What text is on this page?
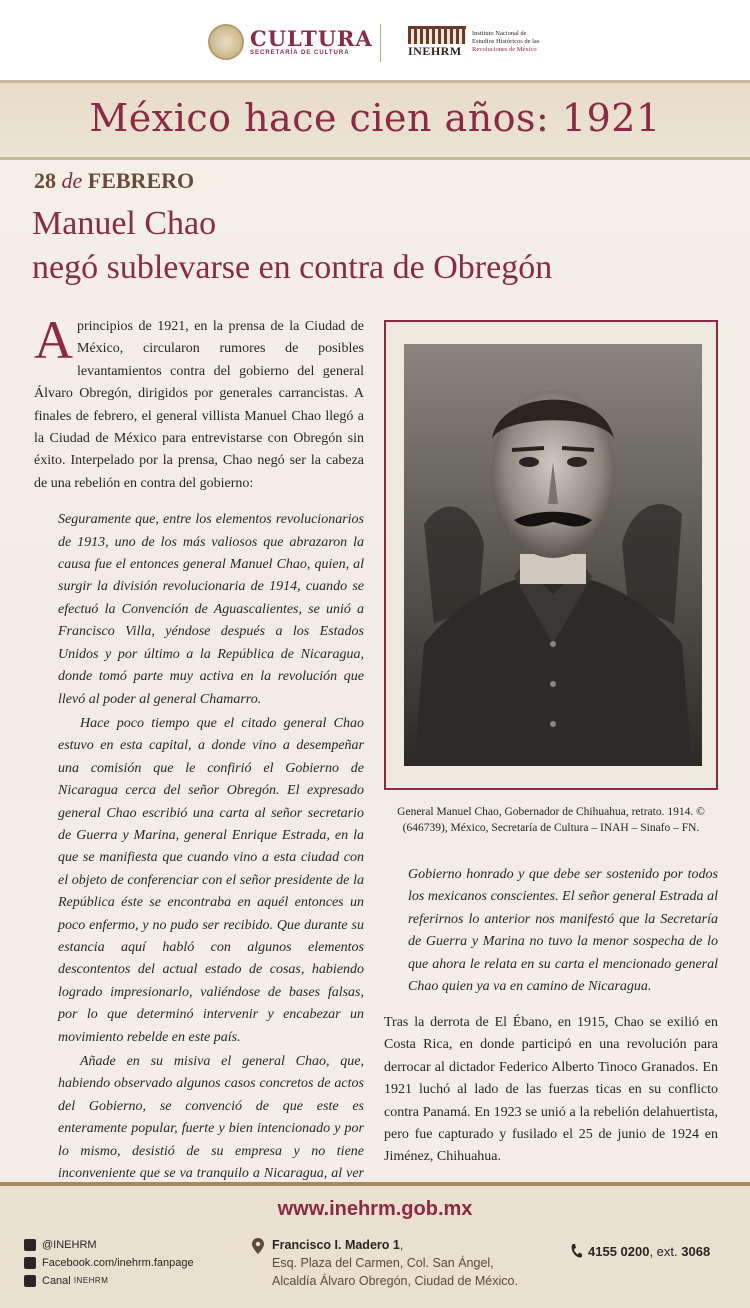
CULTURA
SECRETARÍA DE CULTURA	INEHRM
Instituto Nacional de
Estudios Históricos de las
Revoluciones de México
México hace cien años: 1921
28 de FEBRERO
Manuel Chao
negó sublevarse en contra de Obregón

Aprincipios de 1921, en la prensa de la Ciudad de México, circularon rumores de posibles levantamientos contra del gobierno del general Álvaro Obregón, dirigidos por generales carrancistas. A finales de febrero, el general villista Manuel Chao llegó a la Ciudad de México para entrevistarse con Obregón sin éxito. Interpelado por la prensa, Chao negó ser la cabeza de una rebelión en contra del gobierno:

Seguramente que, entre los elementos revolucionarios de 1913, uno de los más valiosos que abrazaron la causa fue el entonces general Manuel Chao, quien, al surgir la división revolucionaria de 1914, cuando se efectuó la Convención de Aguascalientes, se unió a Francisco Villa, yéndose después a los Estados Unidos y por último a la República de Nicaragua, donde tomó parte muy activa en la revolución que llevó al poder al general Chamarro.

Hace poco tiempo que el citado general Chao estuvo en esta capital, a donde vino a desempeñar una comisión que le confirió el Gobierno de Nicaragua cerca del señor Obregón. El expresado general Chao escribió una carta al señor secretario de Guerra y Marina, general Enrique Estrada, en la que se manifiesta que cuando vino a esta ciudad con el objeto de conferenciar con el señor presidente de la República éste se encontraba en aquél entonces un poco enfermo, y no pudo ser recibido. Que durante su estancia aquí habló con algunos elementos descontentos del actual estado de cosas, habiendo logrado impresionarlo, valiéndose de bases falsas, por lo que determinó intervenir y encabezar un movimiento rebelde en este país.

Añade en su misiva el general Chao, que, habiendo observado algunos casos concretos de actos del Gobierno, se convenció de que este es enteramente popular, fuerte y bien intencionado y por lo mismo, desistió de su empresa y no tiene inconveniente que se va tranquilo a Nicaragua, al ver

General Manuel Chao, Gobernador de Chihuahua, retrato. 1914. © (646739), México, Secretaría de Cultura – INAH – Sinafo – FN.
Gobierno honrado y que debe ser sostenido por todos los mexicanos conscientes. El señor general Estrada al referirnos lo anterior nos manifestó que la Secretaría de Guerra y Marina no tuvo la menor sospecha de lo que ahora le relata en su carta el mencionado general Chao quien ya va en camino de Nicaragua.
Tras la derrota de El Ébano, en 1915, Chao se exilió en Costa Rica, en donde participó en una revolución para derrocar al dictador Federico Alberto Tinoco Granados. En 1921 luchó al lado de las fuerzas ticas en su conflicto contra Panamá. En 1923 se unió a la rebelión delahuertista, pero fue capturado y fusilado el 25 de junio de 1924 en Jiménez, Chihuahua.
www.inehrm.gob.mx
@INEHRM
Facebook.com/inehrm.fanpage
Canal
INEHRM
Francisco I. Madero 1,
Esq. Plaza del Carmen, Col. San Ángel,
Alcaldía Álvaro Obregón, Ciudad de México.
4155 0200, ext. 3068
